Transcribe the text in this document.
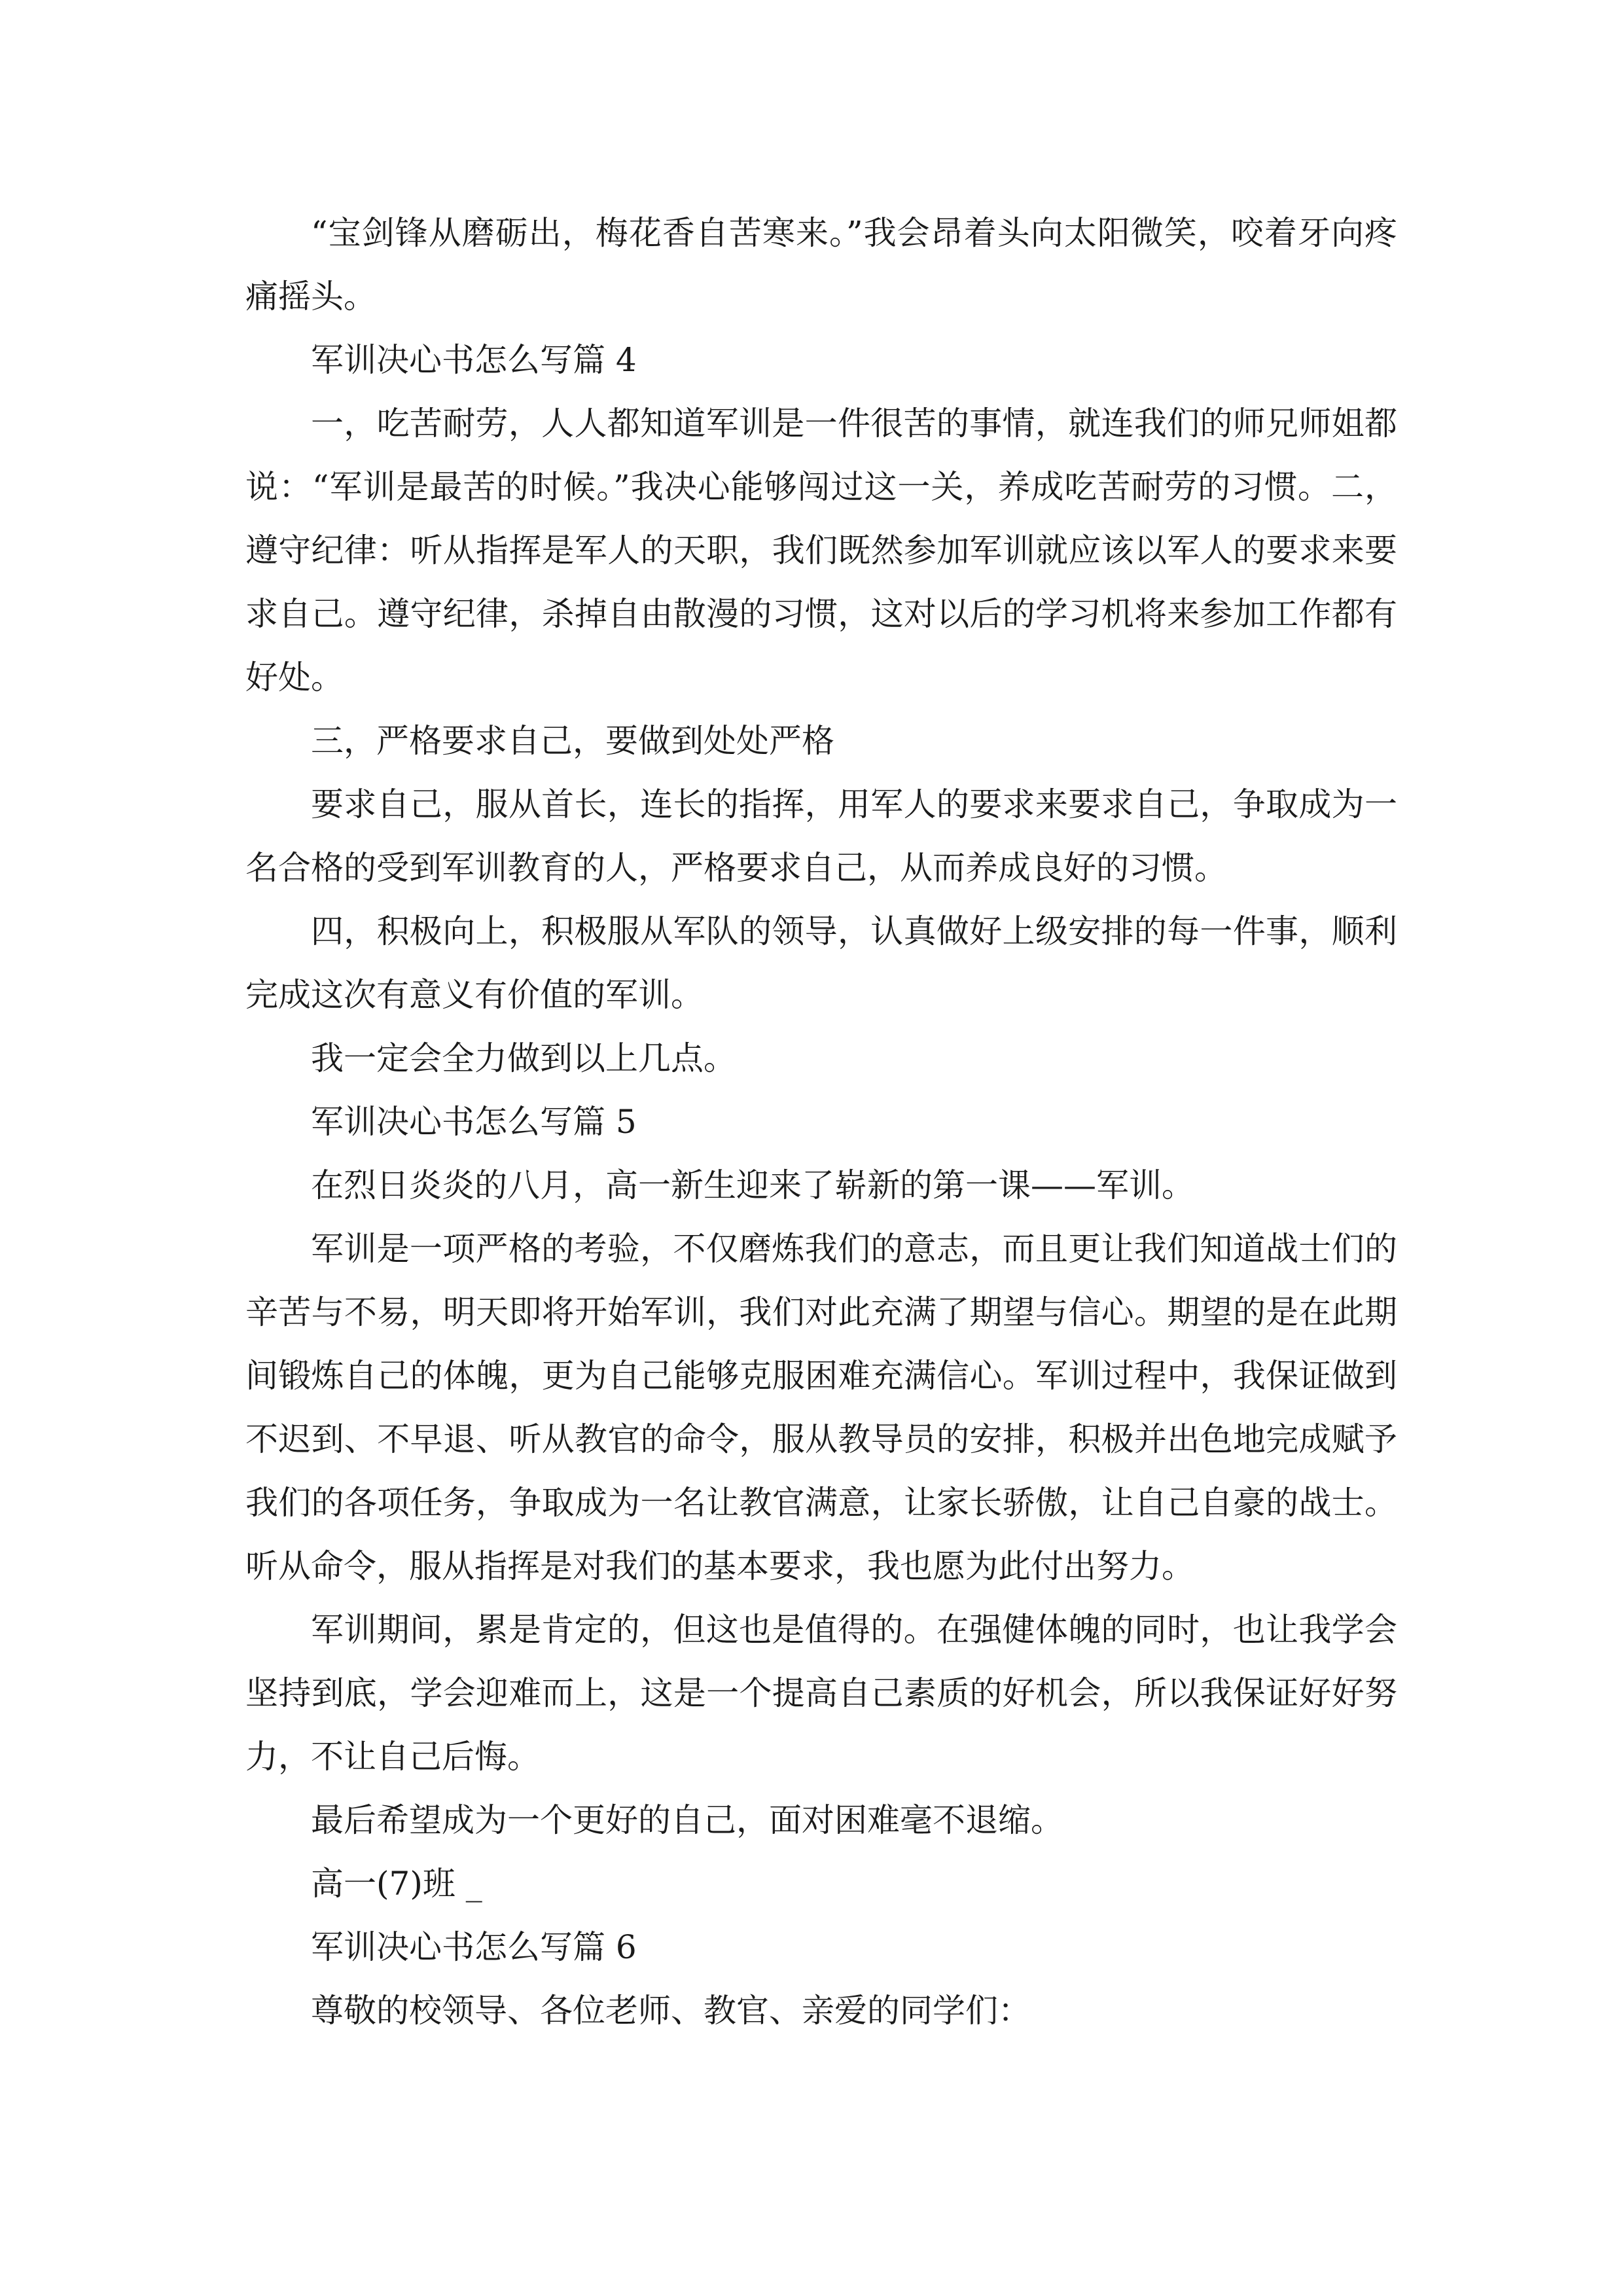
“宝剑锋从磨砺出，梅花香自苦寒来。”我会昂着头向太阳微笑，咬着牙向疼痛摇头。

军训决心书怎么写篇 4

一，吃苦耐劳，人人都知道军训是一件很苦的事情，就连我们的师兄师姐都说：“军训是最苦的时候。”我决心能够闯过这一关，养成吃苦耐劳的习惯。二，遵守纪律：听从指挥是军人的天职，我们既然参加军训就应该以军人的要求来要求自己。遵守纪律，杀掉自由散漫的习惯，这对以后的学习机将来参加工作都有好处。

三，严格要求自己，要做到处处严格

要求自己，服从首长，连长的指挥，用军人的要求来要求自己，争取成为一名合格的受到军训教育的人，严格要求自己，从而养成良好的习惯。

四，积极向上，积极服从军队的领导，认真做好上级安排的每一件事，顺利完成这次有意义有价值的军训。

我一定会全力做到以上几点。

军训决心书怎么写篇 5

在烈日炎炎的八月，高一新生迎来了崭新的第一课——军训。

军训是一项严格的考验，不仅磨炼我们的意志，而且更让我们知道战士们的辛苦与不易，明天即将开始军训，我们对此充满了期望与信心。期望的是在此期间锻炼自己的体魄，更为自己能够克服困难充满信心。军训过程中，我保证做到不迟到、不早退、听从教官的命令，服从教导员的安排，积极并出色地完成赋予我们的各项任务，争取成为一名让教官满意，让家长骄傲，让自己自豪的战士。听从命令，服从指挥是对我们的基本要求，我也愿为此付出努力。

军训期间，累是肯定的，但这也是值得的。在强健体魄的同时，也让我学会坚持到底，学会迎难而上，这是一个提高自己素质的好机会，所以我保证好好努力，不让自己后悔。

最后希望成为一个更好的自己，面对困难毫不退缩。

高一(7)班 _

军训决心书怎么写篇 6

尊敬的校领导、各位老师、教官、亲爱的同学们：
